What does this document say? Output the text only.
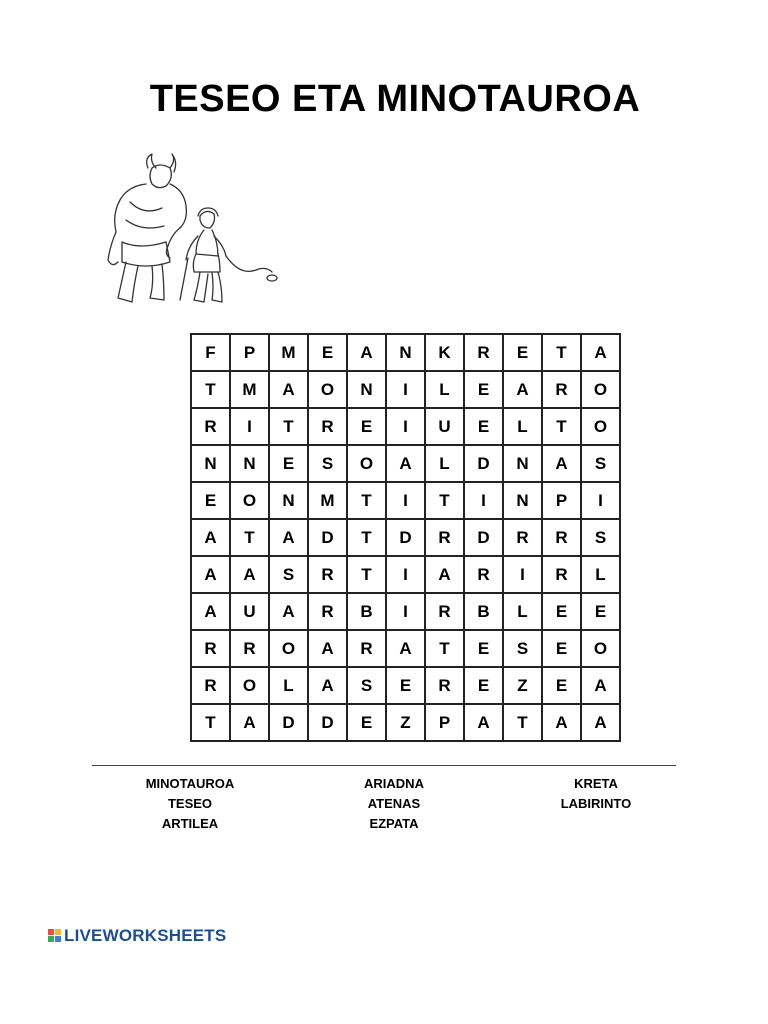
TESEO ETA MINOTAUROA
F	P	M	E	A	N	K	R	E	T	A
T	M	A	O	N	I	L	E	A	R	O
R	I	T	R	E	I	U	E	L	T	O
N	N	E	S	O	A	L	D	N	A	S
E	O	N	M	T	I	T	I	N	P	I
A	T	A	D	T	D	R	D	R	R	S
A	A	S	R	T	I	A	R	I	R	L
A	U	A	R	B	I	R	B	L	E	E
R	R	O	A	R	A	T	E	S	E	O
R	O	L	A	S	E	R	E	Z	E	A
T	A	D	D	E	Z	P	A	T	A	A
MINOTAUROA
TESEO
ARTILEA
ARIADNA
ATENAS
EZPATA
KRETA
LABIRINTO
LIVEWORKSHEETS
